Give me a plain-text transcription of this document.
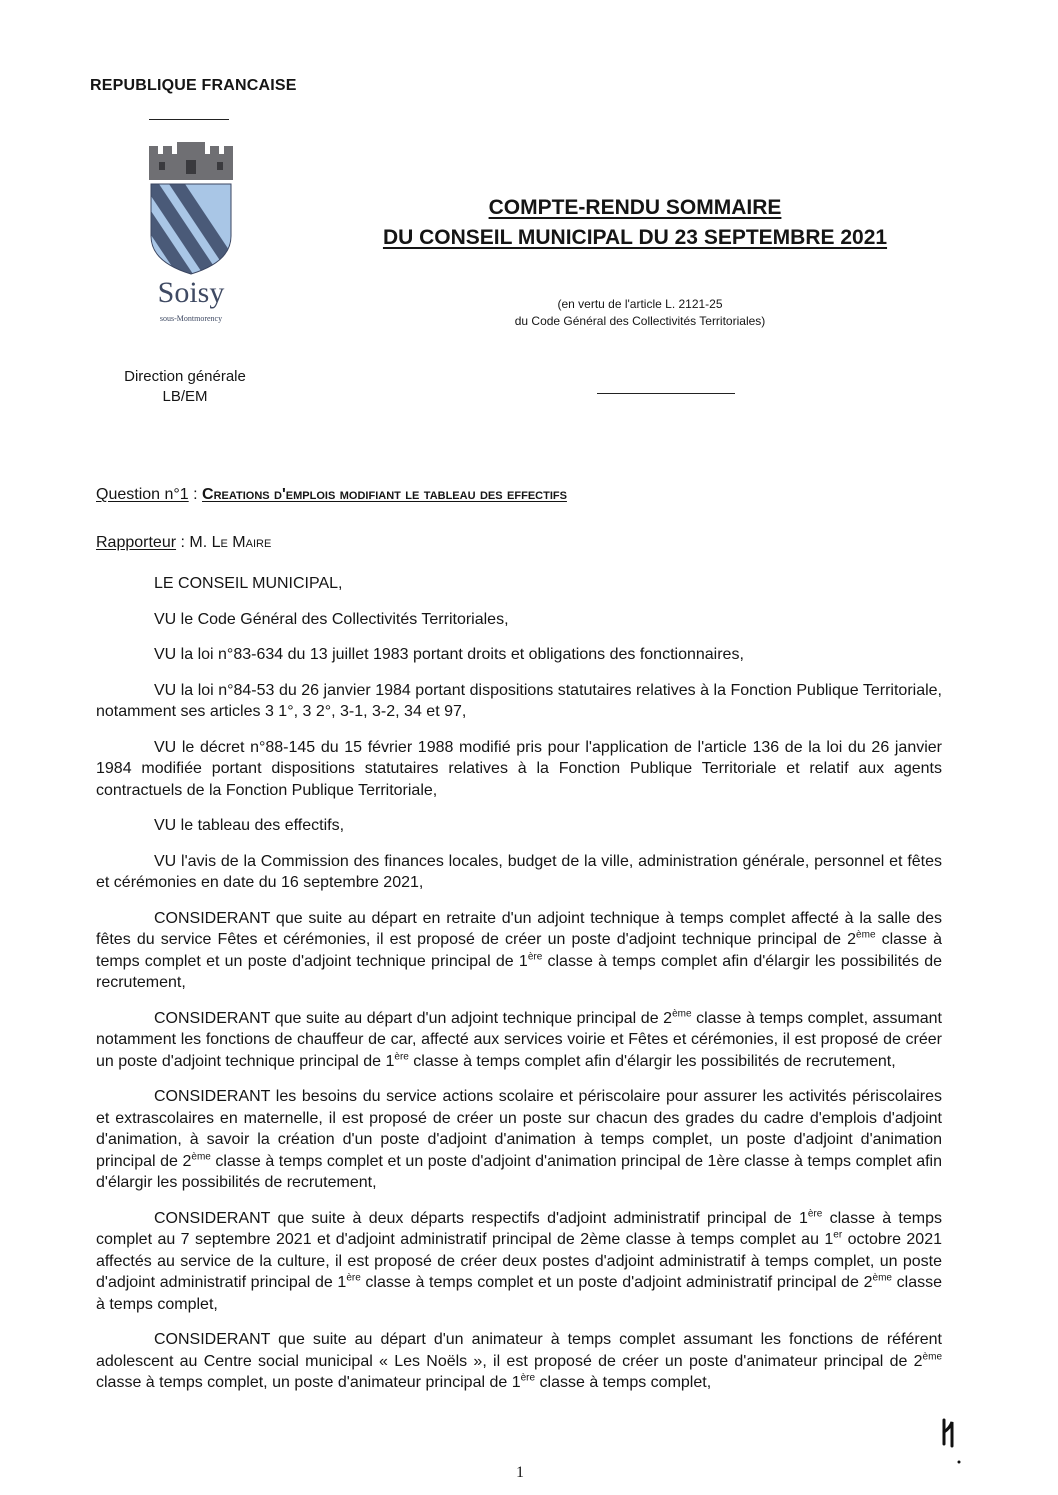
REPUBLIQUE FRANCAISE
Soisy
sous-Montmorency
Direction générale
LB/EM
COMPTE-RENDU SOMMAIRE
DU CONSEIL MUNICIPAL DU 23 SEPTEMBRE 2021
(en vertu de l'article L. 2121-25
du Code Général des Collectivités Territoriales)
Question n°1 : Creations d'emplois modifiant le tableau des effectifs
Rapporteur : M. Le Maire

LE CONSEIL MUNICIPAL,

VU le Code Général des Collectivités Territoriales,

VU la loi n°83-634 du 13 juillet 1983 portant droits et obligations des fonctionnaires,

VU la loi n°84-53 du 26 janvier 1984 portant dispositions statutaires relatives à la Fonction Publique Territoriale, notamment ses articles 3 1°, 3 2°, 3-1, 3-2, 34 et 97,

VU le décret n°88-145 du 15 février 1988 modifié pris pour l'application de l'article 136 de la loi du 26 janvier 1984 modifiée portant dispositions statutaires relatives à la Fonction Publique Territoriale et relatif aux agents contractuels de la Fonction Publique Territoriale,

VU le tableau des effectifs,

VU l'avis de la Commission des finances locales, budget de la ville, administration générale, personnel et fêtes et cérémonies en date du 16 septembre 2021,

CONSIDERANT que suite au départ en retraite d'un adjoint technique à temps complet affecté à la salle des fêtes du service Fêtes et cérémonies, il est proposé de créer un poste d'adjoint technique principal de 2ème classe à temps complet et un poste d'adjoint technique principal de 1ère classe à temps complet afin d'élargir les possibilités de recrutement,

CONSIDERANT que suite au départ d'un adjoint technique principal de 2ème classe à temps complet, assumant notamment les fonctions de chauffeur de car, affecté aux services voirie et Fêtes et cérémonies, il est proposé de créer un poste d'adjoint technique principal de 1ère classe à temps complet afin d'élargir les possibilités de recrutement,

CONSIDERANT les besoins du service actions scolaire et périscolaire pour assurer les activités périscolaires et extrascolaires en maternelle, il est proposé de créer un poste sur chacun des grades du cadre d'emplois d'adjoint d'animation, à savoir la création d'un poste d'adjoint d'animation à temps complet, un poste d'adjoint d'animation principal de 2ème classe à temps complet et un poste d'adjoint d'animation principal de 1ère classe à temps complet afin d'élargir les possibilités de recrutement,

CONSIDERANT que suite à deux départs respectifs d'adjoint administratif principal de 1ère classe à temps complet au 7 septembre 2021 et d'adjoint administratif principal de 2ème classe à temps complet au 1er octobre 2021 affectés au service de la culture, il est proposé de créer deux postes d'adjoint administratif à temps complet, un poste d'adjoint administratif principal de 1ère classe à temps complet et un poste d'adjoint administratif principal de 2ème classe à temps complet,

CONSIDERANT que suite au départ d'un animateur à temps complet assumant les fonctions de référent adolescent au Centre social municipal « Les Noëls », il est proposé de créer un poste d'animateur principal de 2ème classe à temps complet, un poste d'animateur principal de 1ère classe à temps complet,

1
